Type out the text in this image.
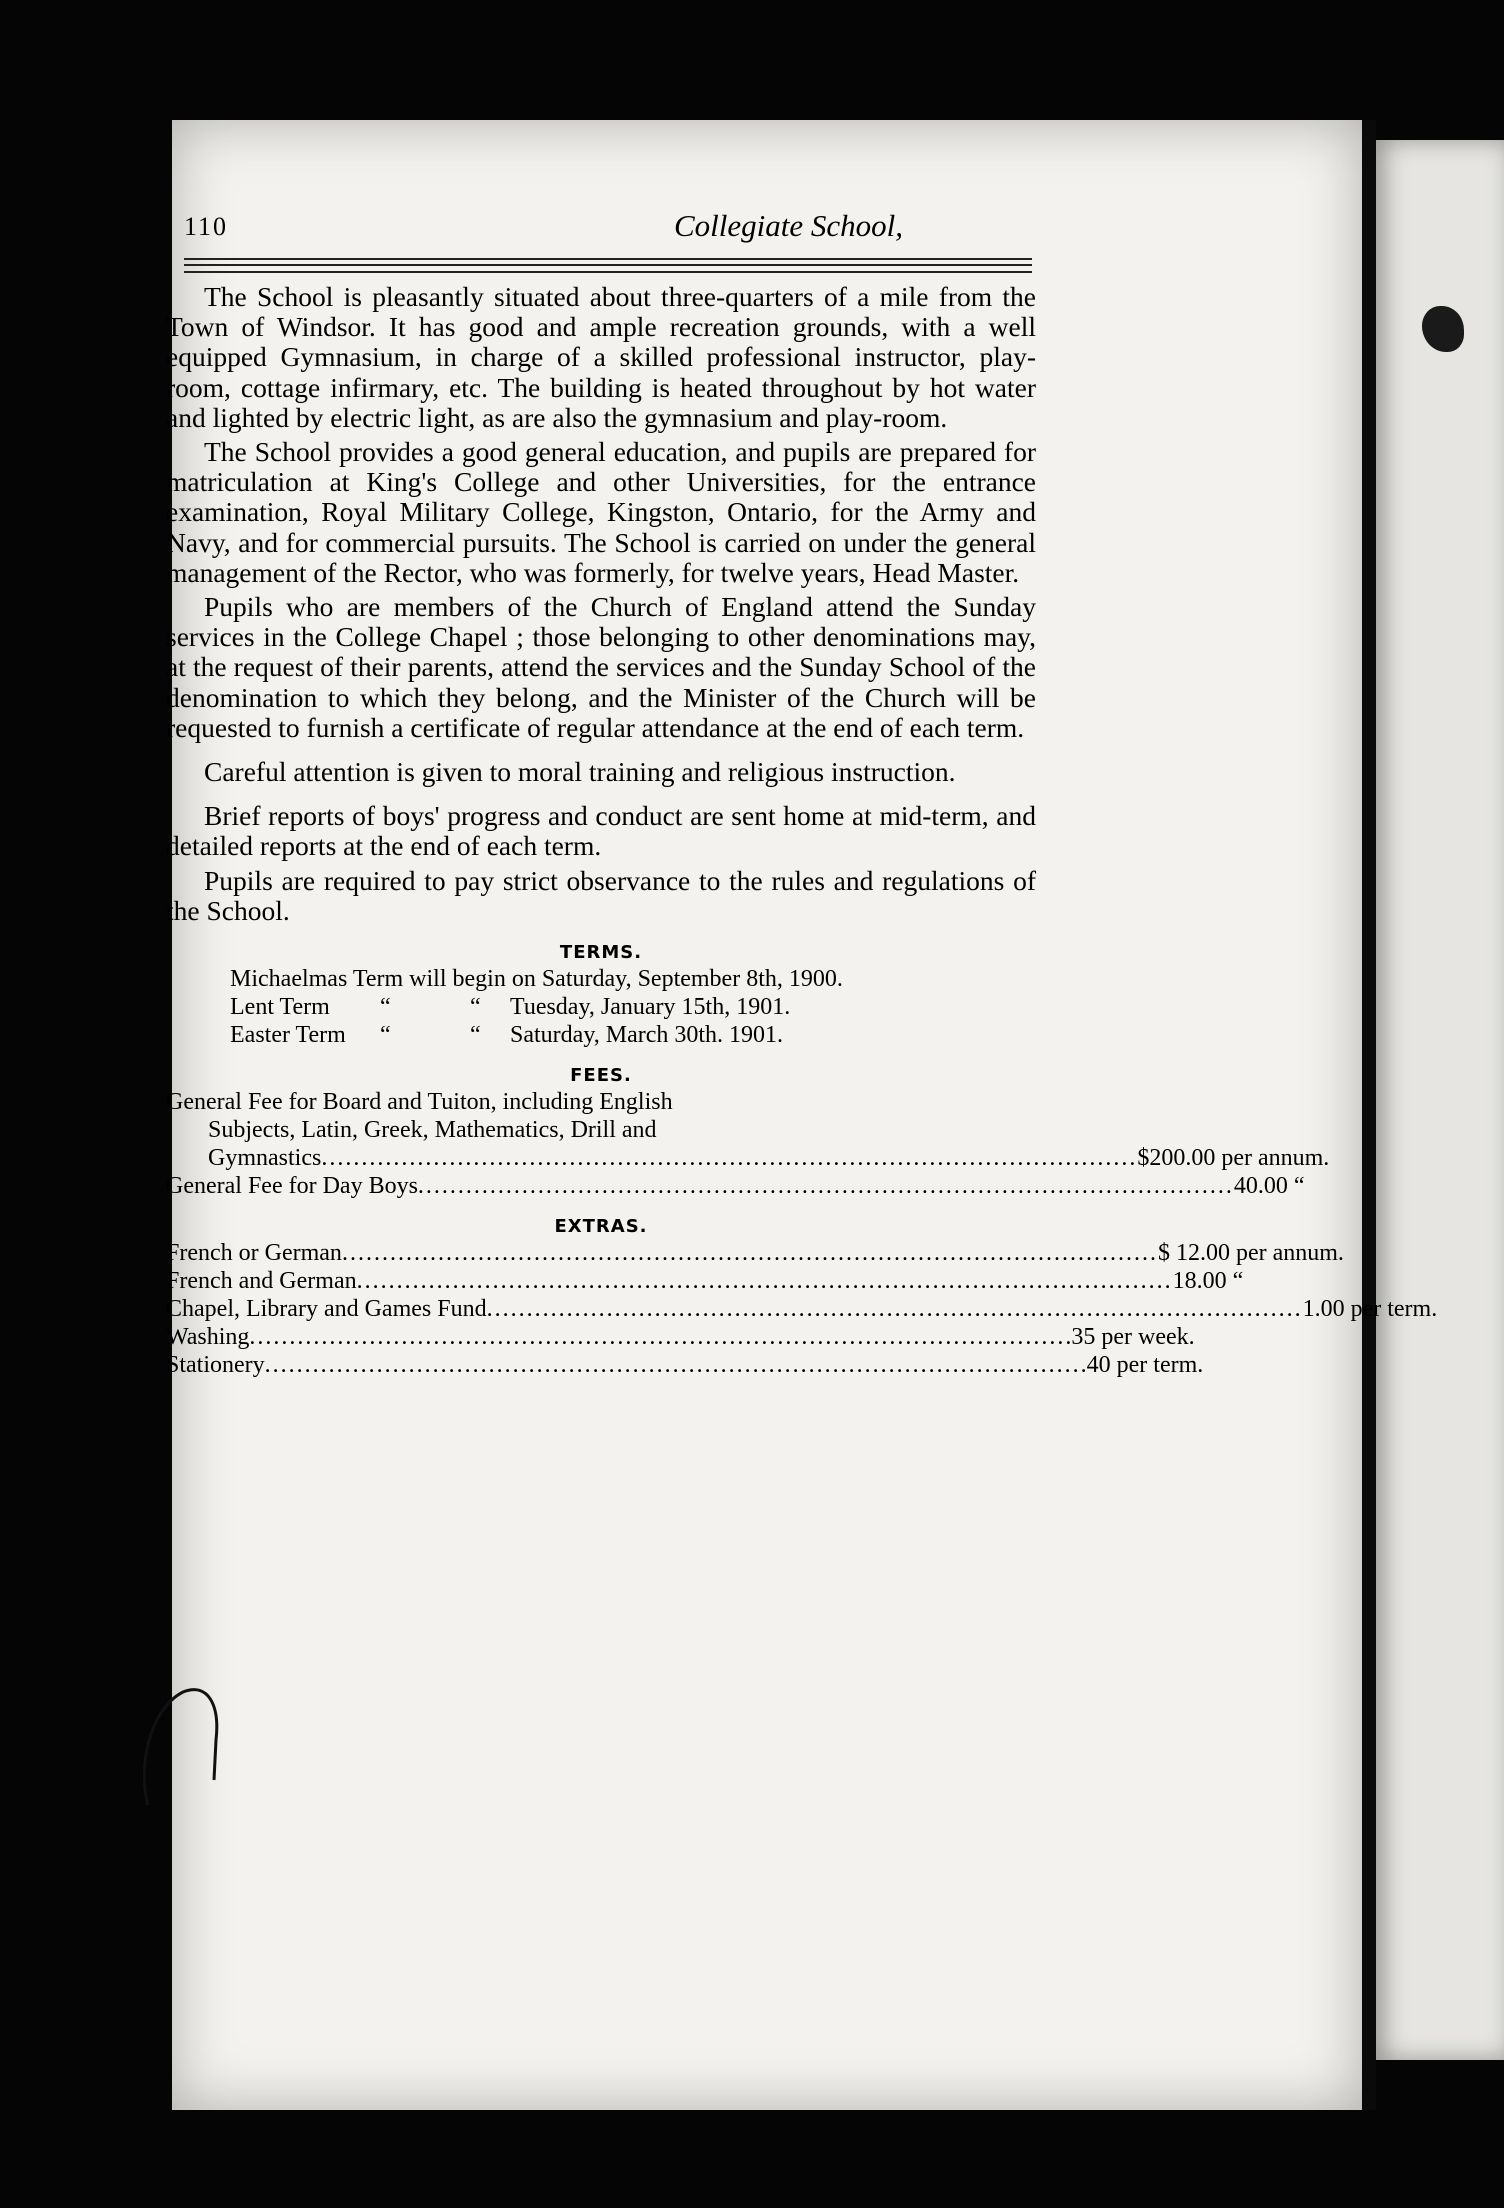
110	Collegiate School,

The School is pleasantly situated about three-quarters of a mile from the Town of Windsor. It has good and ample recreation grounds, with a well equipped Gymnasium, in charge of a skilled professional instructor, play-room, cottage infirmary, etc. The building is heated throughout by hot water and lighted by electric light, as are also the gymnasium and play-room.

The School provides a good general education, and pupils are prepared for matriculation at King's College and other Universities, for the entrance examination, Royal Military College, Kingston, Ontario, for the Army and Navy, and for commercial pursuits. The School is carried on under the general management of the Rector, who was formerly, for twelve years, Head Master.

Pupils who are members of the Church of England attend the Sunday services in the College Chapel ; those belonging to other denominations may, at the request of their parents, attend the services and the Sunday School of the denomination to which they belong, and the Minister of the Church will be requested to furnish a certificate of regular attendance at the end of each term.

Careful attention is given to moral training and religious instruction.

Brief reports of boys' progress and conduct are sent home at mid-term, and detailed reports at the end of each term.

Pupils are required to pay strict observance to the rules and regulations of the School.

TERMS.
Michaelmas Term will begin on Saturday, September 8th, 1900.
Lent Term	“	“	Tuesday, January 15th, 1901.
Easter Term	“	“	Saturday, March 30th. 1901.
FEES.
General Fee for Board and Tuiton, including English
Subjects, Latin, Greek, Mathematics, Drill and
Gymnastics ...................................................................................................... $200.00 per annum.
General Fee for Day Boys ...................................................................................................... 40.00 “
EXTRAS.
French or German ...................................................................................................... $ 12.00 per annum.
French and German ...................................................................................................... 18.00 “
Chapel, Library and Games Fund ...................................................................................................... 1.00 per term.
Washing ...................................................................................................... .35 per week.
Stationery ...................................................................................................... .40 per term.
